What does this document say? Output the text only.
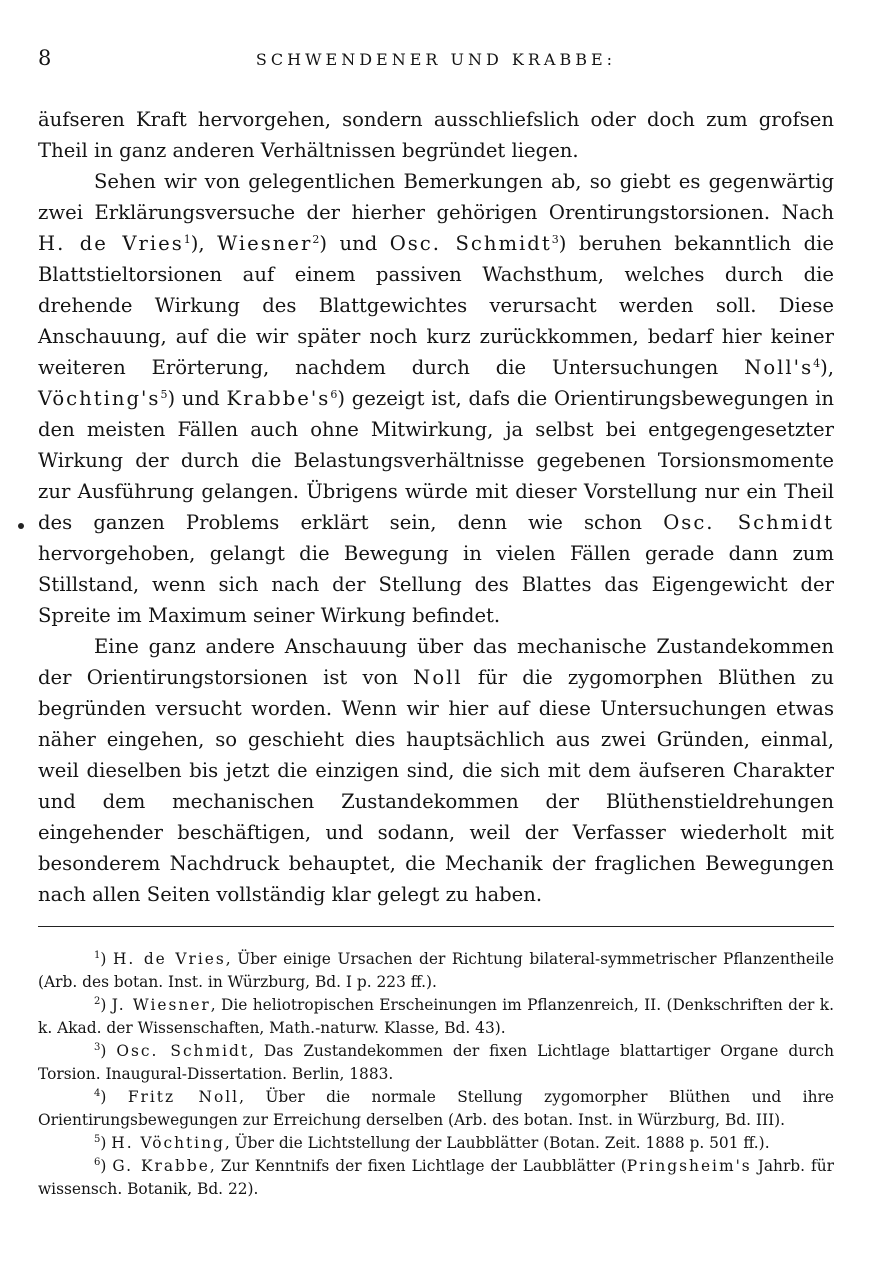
8	SCHWENDENER UND KRABBE:

äufseren Kraft hervorgehen, sondern ausschliefslich oder doch zum grofsen Theil in ganz anderen Verhältnissen begründet liegen.

Sehen wir von gelegentlichen Bemerkungen ab, so giebt es gegenwärtig zwei Erklärungsversuche der hierher gehörigen Orentirungstorsionen. Nach H. de Vries$^1$), Wiesner$^2$) und Osc. Schmidt$^3$) beruhen bekanntlich die Blattstieltorsionen auf einem passiven Wachsthum, welches durch die drehende Wirkung des Blattgewichtes verursacht werden soll. Diese Anschauung, auf die wir später noch kurz zurückkommen, bedarf hier keiner weiteren Erörterung, nachdem durch die Untersuchungen $Noll's^4$), $Vöchting's^5$) und $Krabbe's^6$) gezeigt ist, dafs die Orientirungsbewegungen in den meisten Fällen auch ohne Mitwirkung, ja selbst bei entgegengesetzter Wirkung der durch die Belastungsverhältnisse gegebenen Torsionsmomente zur Ausführung gelangen. Übrigens würde mit dieser Vorstellung nur ein Theil des ganzen Problems erklärt sein, denn wie schon Osc. Schmidt hervorgehoben, gelangt die Bewegung in vielen Fällen gerade dann zum Stillstand, wenn sich nach der Stellung des Blattes das Eigengewicht der Spreite im Maximum seiner Wirkung befindet.

Eine ganz andere Anschauung über das mechanische Zustandekommen der Orientirungstorsionen ist von Noll für die zygomorphen Blüthen zu begründen versucht worden. Wenn wir hier auf diese Untersuchungen etwas näher eingehen, so geschieht dies hauptsächlich aus zwei Gründen, einmal, weil dieselben bis jetzt die einzigen sind, die sich mit dem äufseren Charakter und dem mechanischen Zustandekommen der Blüthenstieldrehungen eingehender beschäftigen, und sodann, weil der Verfasser wiederholt mit besonderem Nachdruck behauptet, die Mechanik der fraglichen Bewegungen nach allen Seiten vollständig klar gelegt zu haben.

$^1$) H. de Vries, Über einige Ursachen der Richtung bilateral-symmetrischer Pflanzentheile (Arb. des botan. Inst. in Würzburg, Bd. I p. 223 ff.).

$^2$) J. Wiesner, Die heliotropischen Erscheinungen im Pflanzenreich, II. (Denkschriften der k. k. Akad. der Wissenschaften, Math.-naturw. Klasse, Bd. 43).

$^3$) Osc. Schmidt, Das Zustandekommen der fixen Lichtlage blattartiger Organe durch Torsion. Inaugural-Dissertation. Berlin, 1883.

$^4$) Fritz Noll, Über die normale Stellung zygomorpher Blüthen und ihre Orientirungsbewegungen zur Erreichung derselben (Arb. des botan. Inst. in Würzburg, Bd. III).

$^5$) H. Vöchting, Über die Lichtstellung der Laubblätter (Botan. Zeit. 1888 p. 501 ff.).

$^6$) G. Krabbe, Zur Kenntnifs der fixen Lichtlage der Laubblätter (Pringsheim's Jahrb. für wissensch. Botanik, Bd. 22).
